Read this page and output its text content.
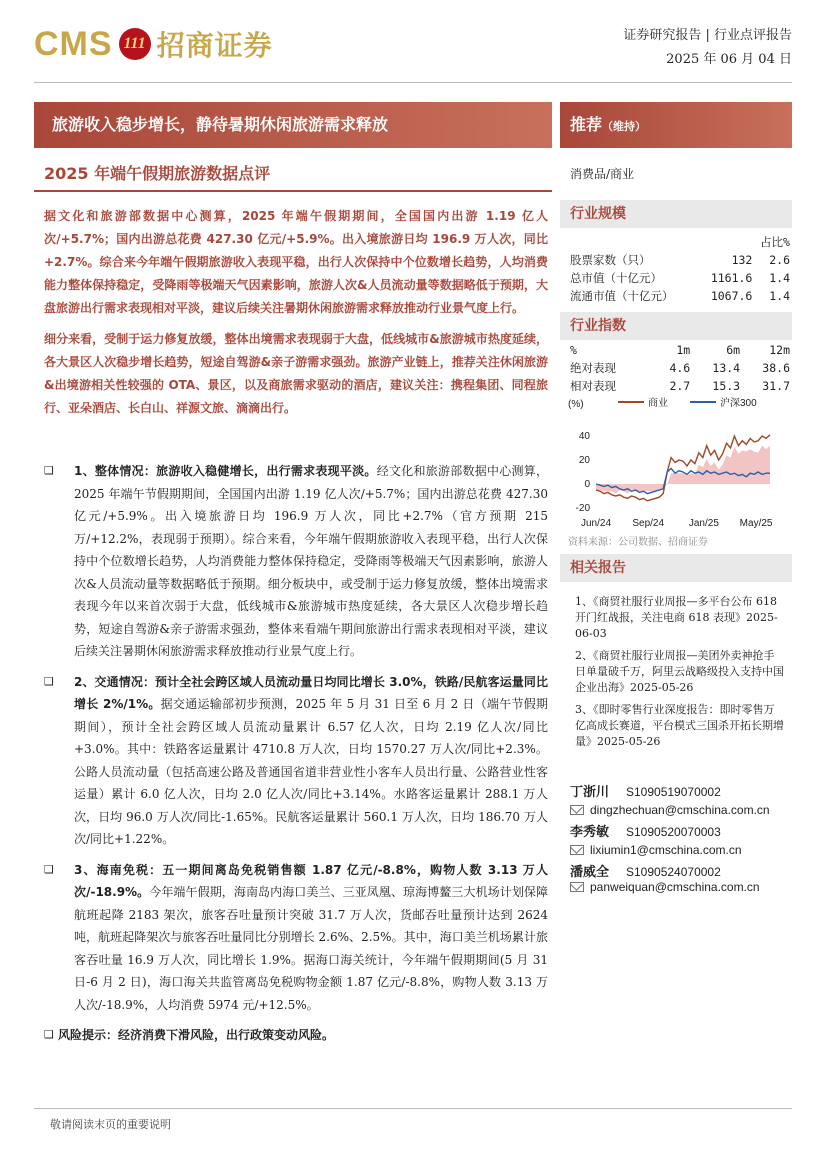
CMS 111 招商证券	证券研究报告 | 行业点评报告
2025 年 06 月 04 日
旅游收入稳步增长，静待暑期休闲旅游需求释放
2025 年端午假期旅游数据点评

据文化和旅游部数据中心测算，2025 年端午假期期间，全国国内出游 1.19 亿人次/+5.7%；国内出游总花费 427.30 亿元/+5.9%。出入境旅游日均 196.9 万人次，同比+2.7%。综合来今年端午假期旅游收入表现平稳，出行人次保持中个位数增长趋势，人均消费能力整体保持稳定，受降雨等极端天气因素影响，旅游人次&人员流动量等数据略低于预期，大盘旅游出行需求表现相对平淡，建议后续关注暑期休闲旅游需求释放推动行业景气度上行。

细分来看，受制于运力修复放缓，整体出境需求表现弱于大盘，低线城市&旅游城市热度延续，各大景区人次稳步增长趋势，短途自驾游&亲子游需求强劲。旅游产业链上，推荐关注休闲旅游&出境游相关性较强的 OTA、景区，以及商旅需求驱动的酒店，建议关注：携程集团、同程旅行、亚朵酒店、长白山、祥源文旅、滴滴出行。

❑	1、整体情况：旅游收入稳健增长，出行需求表现平淡。经文化和旅游部数据中心测算，2025 年端午节假期期间，全国国内出游 1.19 亿人次/+5.7%；国内出游总花费 427.30 亿元/+5.9%。出入境旅游日均 196.9 万人次，同比+2.7%（官方预期 215 万/+12.2%，表现弱于预期）。综合来看，今年端午假期旅游收入表现平稳，出行人次保持中个位数增长趋势，人均消费能力整体保持稳定，受降雨等极端天气因素影响，旅游人次&人员流动量等数据略低于预期。细分板块中，或受制于运力修复放缓，整体出境需求表现今年以来首次弱于大盘，低线城市&旅游城市热度延续，各大景区人次稳步增长趋势，短途自驾游&亲子游需求强劲，整体来看端午期间旅游出行需求表现相对平淡，建议后续关注暑期休闲旅游需求释放推动行业景气度上行。
❑	2、交通情况：预计全社会跨区域人员流动量日均同比增长 3.0%，铁路/民航客运量同比增长 2%/1%。据交通运输部初步预测，2025 年 5 月 31 日至 6 月 2 日（端午节假期期间），预计全社会跨区域人员流动量累计 6.57 亿人次，日均 2.19 亿人次/同比+3.0%。其中：铁路客运量累计 4710.8 万人次，日均 1570.27 万人次/同比+2.3%。公路人员流动量（包括高速公路及普通国省道非营业性小客车人员出行量、公路营业性客运量）累计 6.0 亿人次，日均 2.0 亿人次/同比+3.14%。水路客运量累计 288.1 万人次，日均 96.0 万人次/同比-1.65%。民航客运量累计 560.1 万人次，日均 186.70 万人次/同比+1.22%。
❑	3、海南免税：五一期间离岛免税销售额 1.87 亿元/-8.8%，购物人数 3.13 万人次/-18.9%。今年端午假期，海南岛内海口美兰、三亚凤凰、琼海博鳌三大机场计划保障航班起降 2183 架次，旅客吞吐量预计突破 31.7 万人次，货邮吞吐量预计达到 2624 吨，航班起降架次与旅客吞吐量同比分别增长 2.6%、2.5%。其中，海口美兰机场累计旅客吞吐量 16.9 万人次，同比增长 1.9%。据海口海关统计，今年端午假期期间(5 月 31 日-6 月 2 日)，海口海关共监管离岛免税购物金额 1.87 亿元/-8.8%，购物人数 3.13 万人次/-18.9%，人均消费 5974 元/+12.5%。
❑ 风险提示：经济消费下滑风险，出行政策变动风险。
敬请阅读末页的重要说明
推荐（维持）
消费品/商业
行业规模
		占比%
股票家数（只）	132	2.6
总市值（十亿元）	1161.6	1.4
流通市值（十亿元）	1067.6	1.4
行业指数
%	1m	6m	12m
绝对表现	4.6	13.4	38.6
相对表现	2.7	15.3	31.7
(%)	商业	沪深300
40
20
0
-20
Jun/24 Sep/24 Jan/25 May/25
资料来源：公司数据、招商证券
相关报告
1、《商贸社服行业周报—多平台公布 618 开门红战报，关注电商 618 表现》2025-06-03
2、《商贸社服行业周报—美团外卖神抢手日单量破千万，阿里云战略级投入支持中国企业出海》2025-05-26
3、《即时零售行业深度报告：即时零售万亿高成长赛道，平台模式三国杀开拓长期增量》2025-05-26
丁浙川 S1090519070002
dingzhechuan@cmschina.com.cn
李秀敏 S1090520070003
lixiumin1@cmschina.com.cn
潘威全 S1090524070002
panweiquan@cmschina.com.cn
